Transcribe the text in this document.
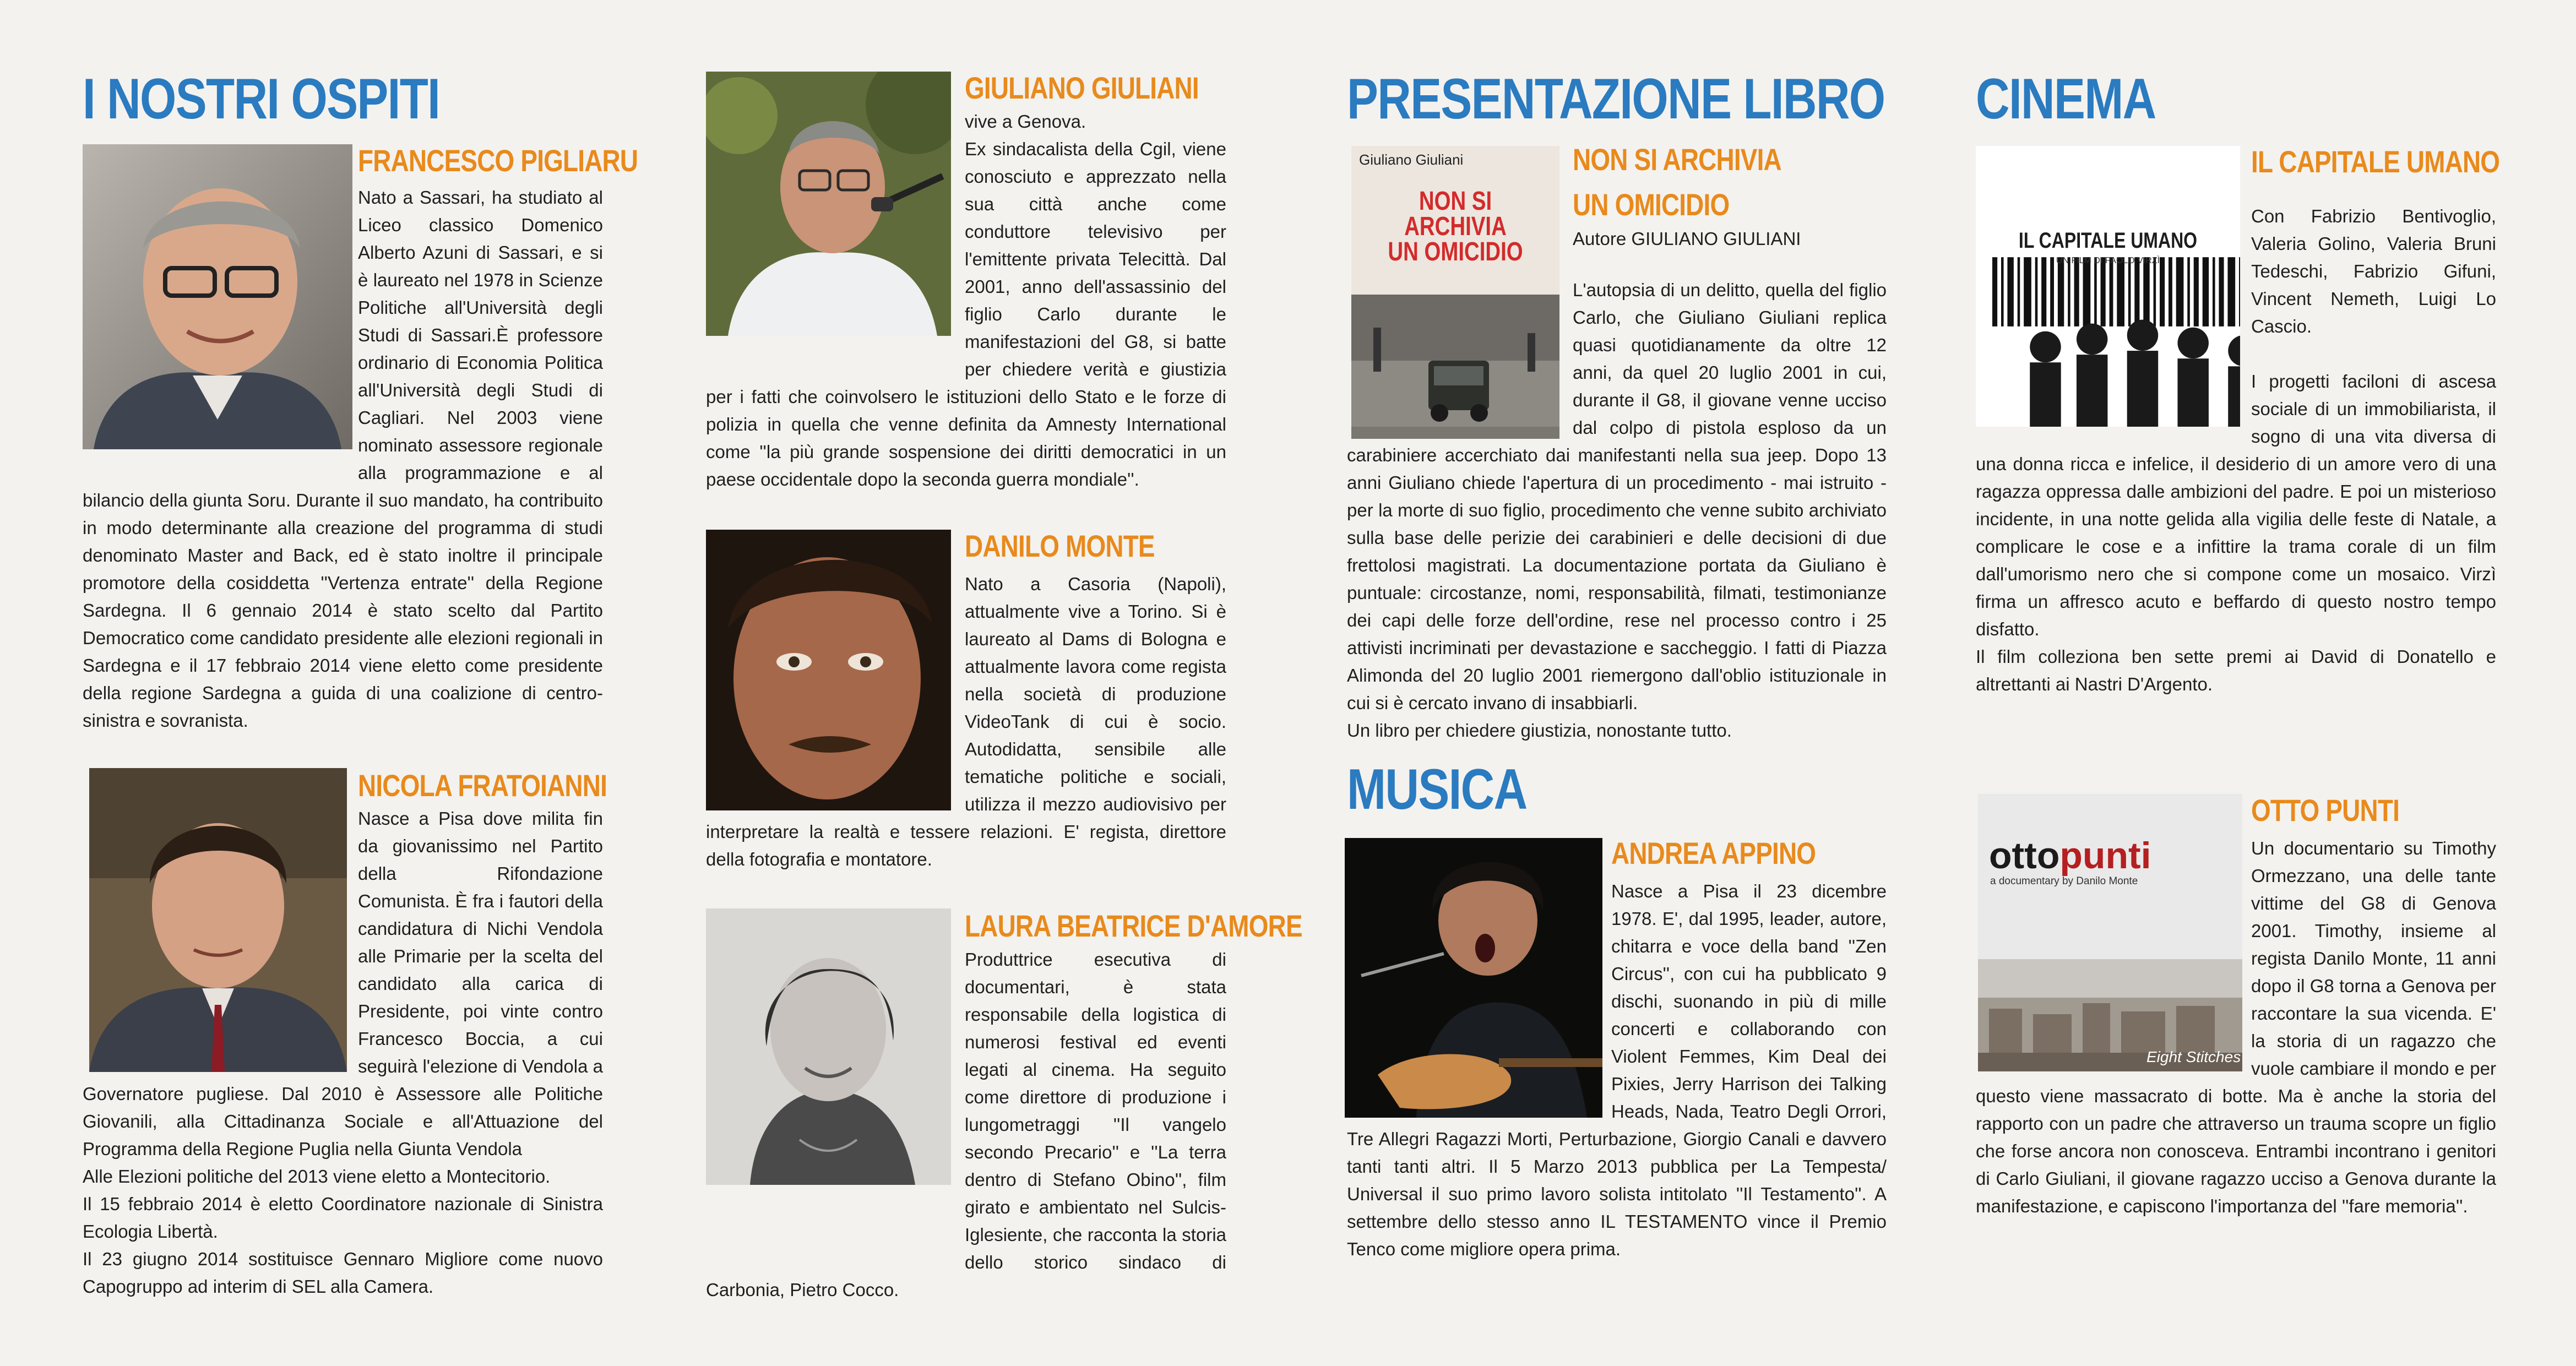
I NOSTRI OSPITI
FRANCESCO PIGLIARU

Nato a Sassari, ha studiato al Liceo classico Domenico Alberto Azuni di Sassari, e si è laureato nel 1978 in Scienze Politiche all'Università degli Studi di Sassari.È professore ordinario di Economia Politica all'Università degli Studi di Cagliari. Nel 2003 viene nominato assessore regionale alla programmazione e al bilancio della giunta Soru. Durante il suo mandato, ha contribuito in modo determinante alla creazione del programma di studi denominato Master and Back, ed è stato inoltre il principale promotore della cosiddetta ''Vertenza entrate'' della Regione Sardegna. Il 6 gennaio 2014 è stato scelto dal Partito Democratico come candidato presidente alle elezioni regionali in Sardegna e il 17 febbraio 2014 viene eletto come presidente della regione Sardegna a guida di una coalizione di centro-sinistra e sovranista.

NICOLA FRATOIANNI

Nasce a Pisa dove milita fin da giovanissimo nel Partito della Rifondazione Comunista. È fra i fautori della candidatura di Nichi Vendola alle Primarie per la scelta del candidato alla carica di Presidente, poi vinte contro Francesco Boccia, a cui seguirà l'elezione di Vendola a Governatore pugliese. Dal 2010 è Assessore alle Politiche Giovanili, alla Cittadinanza Sociale e all'Attuazione del Programma della Regione Puglia nella Giunta Vendola

Alle Elezioni politiche del 2013 viene eletto a Montecitorio.

Il 15 febbraio 2014 è eletto Coordinatore nazionale di Sinistra Ecologia Libertà.

Il 23 giugno 2014 sostituisce Gennaro Migliore come nuovo Capogruppo ad interim di SEL alla Camera.

GIULIANO GIULIANI

vive a Genova.

Ex sindacalista della Cgil, viene conosciuto e apprezzato nella sua città anche come conduttore televisivo per l'emittente privata Telecittà. Dal 2001, anno dell'assassinio del figlio Carlo durante le manifestazioni del G8, si batte per chiedere verità e giustizia per i fatti che coinvolsero le istituzioni dello Stato e le forze di polizia in quella che venne definita da Amnesty International come ''la più grande sospensione dei diritti democratici in un paese occidentale dopo la seconda guerra mondiale''.

DANILO MONTE

Nato a Casoria (Napoli), attualmente vive a Torino. Si è laureato al Dams di Bologna e attualmente lavora come regista nella società di produzione VideoTank di cui è socio. Autodidatta, sensibile alle tematiche politiche e sociali, utilizza il mezzo audiovisivo per interpretare la realtà e tessere relazioni. E' regista, direttore della fotografia e montatore.

LAURA BEATRICE D'AMORE

Produttrice esecutiva di documentari, è stata responsabile della logistica di numerosi festival ed eventi legati al cinema. Ha seguito come direttore di produzione i lungometraggi ''Il vangelo secondo Precario'' e ''La terra dentro di Stefano Obino'', film girato e ambientato nel Sulcis-Iglesiente, che racconta la storia dello storico sindaco di Carbonia, Pietro Cocco.

PRESENTAZIONE LIBRO
Giuliano Giuliani
NON SI ARCHIVIA
UN OMICIDIO
NON SI ARCHIVIA
UN OMICIDIO
Autore GIULIANO GIULIANI

L'autopsia di un delitto, quella del figlio Carlo, che Giuliano Giuliani replica quasi quotidianamente da oltre 12 anni, da quel 20 luglio 2001 in cui, durante il G8, il giovane venne ucciso dal colpo di pistola esploso da un carabiniere accerchiato dai manifestanti nella sua jeep. Dopo 13 anni Giuliano chiede l'apertura di un procedimento - mai istruito - per la morte di suo figlio, procedimento che venne subito archiviato sulla base delle perizie dei carabinieri e delle decisioni di due frettolosi magistrati. La documentazione portata da Giuliano è puntuale: circostanze, nomi, responsabilità, filmati, testimonianze dei capi delle forze dell'ordine, rese nel processo contro i 25 attivisti incriminati per devastazione e saccheggio. I fatti di Piazza Alimonda del 20 luglio 2001 riemergono dall'oblio istituzionale in cui si è cercato invano di insabbiarli.

Un libro per chiedere giustizia, nonostante tutto.

MUSICA
ANDREA APPINO

Nasce a Pisa il 23 dicembre 1978. E', dal 1995, leader, autore, chitarra e voce della band ''Zen Circus'', con cui ha pubblicato 9 dischi, suonando in più di mille concerti e collaborando con Violent Femmes, Kim Deal dei Pixies, Jerry Harrison dei Talking Heads, Nada, Teatro Degli Orrori, Tre Allegri Ragazzi Morti, Perturbazione, Giorgio Canali e davvero tanti tanti altri. Il 5 Marzo 2013 pubblica per La Tempesta/ Universal il suo primo lavoro solista intitolato ''Il Testamento''. A settembre dello stesso anno IL TESTAMENTO vince il Premio Tenco come migliore opera prima.

CINEMA
IL CAPITALE UMANO
UN FILM DI PAOLO VIRZÌ
IL CAPITALE UMANO

Con Fabrizio Bentivoglio, Valeria Golino, Valeria Bruni Tedeschi, Fabrizio Gifuni, Vincent Nemeth, Luigi Lo Cascio.

I progetti faciloni di ascesa sociale di un immobiliarista, il sogno di una vita diversa di una donna ricca e infelice, il desiderio di un amore vero di una ragazza oppressa dalle ambizioni del padre. E poi un misterioso incidente, in una notte gelida alla vigilia delle feste di Natale, a complicare le cose e a infittire la trama corale di un film dall'umorismo nero che si compone come un mosaico. Virzì firma un affresco acuto e beffardo di questo nostro tempo disfatto.

Il film colleziona ben sette premi ai David di Donatello e altrettanti ai Nastri D'Argento.

ottopunti
a documentary by Danilo Monte
Eight Stitches
OTTO PUNTI

Un documentario su Timothy Ormezzano, una delle tante vittime del G8 di Genova 2001. Timothy, insieme al regista Danilo Monte, 11 anni dopo il G8 torna a Genova per raccontare la sua vicenda. E' la storia di un ragazzo che vuole cambiare il mondo e per questo viene massacrato di botte. Ma è anche la storia del rapporto con un padre che attraverso un trauma scopre un figlio che forse ancora non conosceva. Entrambi incontrano i genitori di Carlo Giuliani, il giovane ragazzo ucciso a Genova durante la manifestazione, e capiscono l'importanza del ''fare memoria''.
